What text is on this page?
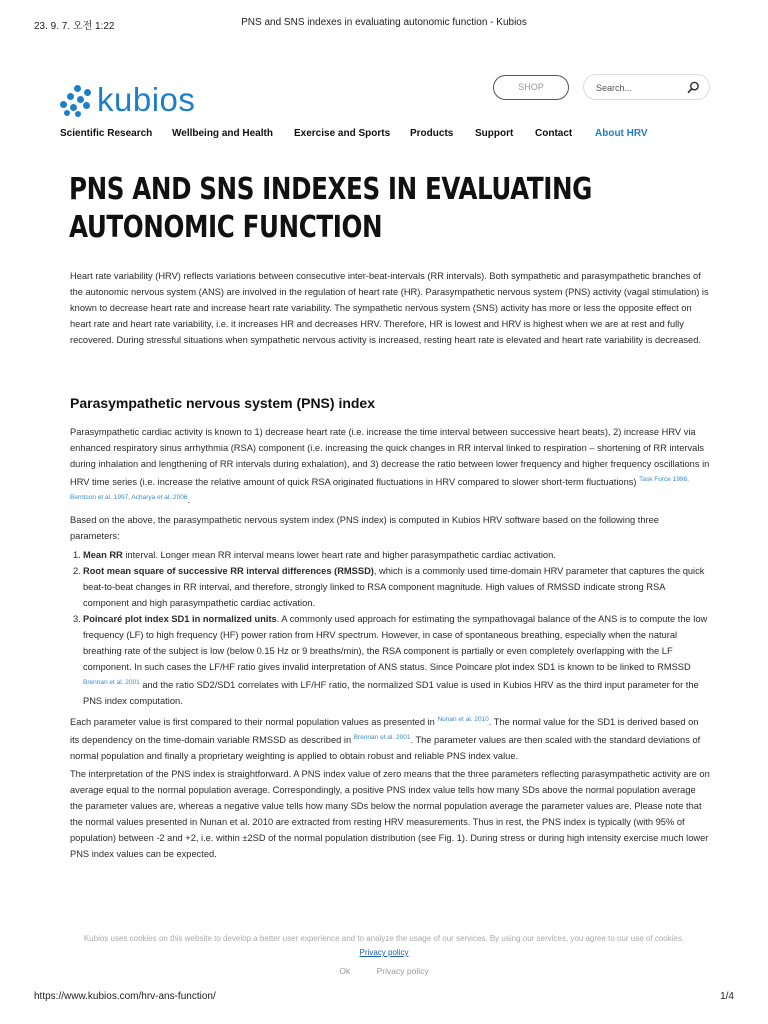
23. 9. 7. 오전 1:22	PNS and SNS indexes in evaluating autonomic function - Kubios
kubios	SHOP
Search...
Scientific Research Wellbeing and Health Exercise and Sports Products Support Contact About HRV
PNS AND SNS INDEXES IN EVALUATING AUTONOMIC FUNCTION

Heart rate variability (HRV) reflects variations between consecutive inter-beat-intervals (RR intervals). Both sympathetic and parasympathetic branches of the autonomic nervous system (ANS) are involved in the regulation of heart rate (HR). Parasympathetic nervous system (PNS) activity (vagal stimulation) is known to decrease heart rate and increase heart rate variability. The sympathetic nervous system (SNS) activity has more or less the opposite effect on heart rate and heart rate variability, i.e. it increases HR and decreases HRV. Therefore, HR is lowest and HRV is highest when we are at rest and fully recovered. During stressful situations when sympathetic nervous activity is increased, resting heart rate is elevated and heart rate variability is decreased.

Parasympathetic nervous system (PNS) index

Parasympathetic cardiac activity is known to 1) decrease heart rate (i.e. increase the time interval between successive heart beats), 2) increase HRV via enhanced respiratory sinus arrhythmia (RSA) component (i.e. increasing the quick changes in RR interval linked to respiration – shortening of RR intervals during inhalation and lengthening of RR intervals during exhalation), and 3) decrease the ratio between lower frequency and higher frequency oscillations in HRV time series (i.e. increase the relative amount of quick RSA originated fluctuations in HRV compared to slower short-term fluctuations) $^{Task Force 1996, Berntson et al. 1997, Acharya et al. 2006}$.

Based on the above, the parasympathetic nervous system index (PNS index) is computed in Kubios HRV software based on the following three parameters:

1. Mean RR interval. Longer mean RR interval means lower heart rate and higher parasympathetic cardiac activation.
2. Root mean square of successive RR interval differences (RMSSD), which is a commonly used time-domain HRV parameter that captures the quick beat-to-beat changes in RR interval, and therefore, strongly linked to RSA component magnitude. High values of RMSSD indicate strong RSA component and high parasympathetic cardiac activation.
3. Poincaré plot index SD1 in normalized units. A commonly used approach for estimating the sympathovagal balance of the ANS is to compute the low frequency (LF) to high frequency (HF) power ration from HRV spectrum. However, in case of spontaneous breathing, especially when the natural breathing rate of the subject is low (below 0.15 Hz or 9 breaths/min), the RSA component is partially or even completely overlapping with the LF component. In such cases the LF/HF ratio gives invalid interpretation of ANS status. Since Poincare plot index SD1 is known to be linked to RMSSD $^{Brennan et al. 2001}$ and the ratio SD2/SD1 correlates with LF/HF ratio, the normalized SD1 value is used in Kubios HRV as the third input parameter for the PNS index computation.

Each parameter value is first compared to their normal population values as presented in $^{Nunan et al. 2010}$. The normal value for the SD1 is derived based on its dependency on the time-domain variable RMSSD as described in $^{Brennan et al. 2001}$. The parameter values are then scaled with the standard deviations of normal population and finally a proprietary weighting is applied to obtain robust and reliable PNS index value.

The interpretation of the PNS index is straightforward. A PNS index value of zero means that the three parameters reflecting parasympathetic activity are on average equal to the normal population average. Correspondingly, a positive PNS index value tells how many SDs above the normal population average the parameter values are, whereas a negative value tells how many SDs below the normal population average the parameter values are. Please note that the normal values presented in Nunan et al. 2010 are extracted from resting HRV measurements. Thus in rest, the PNS index is typically (with 95% of population) between -2 and +2, i.e. within ±2SD of the normal population distribution (see Fig. 1). During stress or during high intensity exercise much lower PNS index values can be expected.

Kubios uses cookies on this website to develop a better user experience and to analyze the usage of our services. By using our services, you agree to our use of cookies.
Privacy policy
Ok	Privacy policy
https://www.kubios.com/hrv-ans-function/	1/4
